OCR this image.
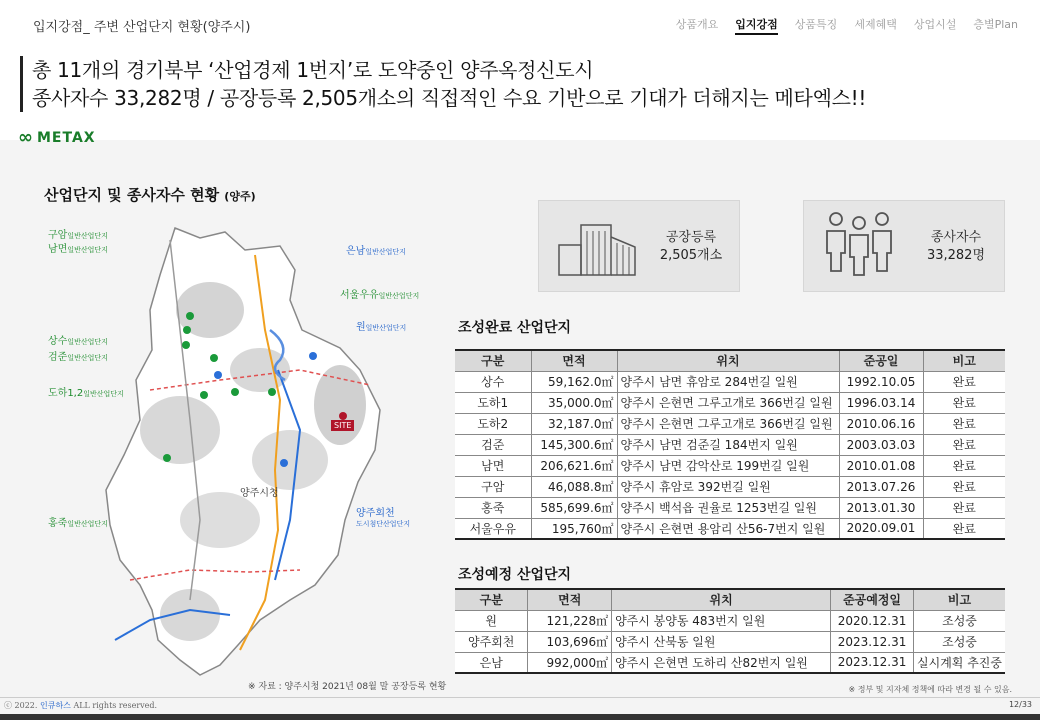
입지강점_ 주변 산업단지 현황(양주시)	상품개요 입지강점 상품특징 세제혜택 상업시설 층별Plan
총 11개의 경기북부 ‘산업경제 1번지’로 도약중인 양주옥정신도시
종사자수 33,282명 / 공장등록 2,505개소의 직접적인 수요 기반으로 기대가 더해지는 메타엑스!!
∞ METAX
산업단지 및 종사자수 현황 (양주)
구암일반산업단지
남면일반산업단지
상수일반산업단지
검준일반산업단지
도하1,2일반산업단지
홍죽일반산업단지
은남일반산업단지
서울우유일반산업단지
원일반산업단지
양주회천
도시첨단산업단지
SITE
양주시청
※ 자료 : 양주시청 2021년 08월 말 공장등록 현황
공장등록
2,505개소
종사자수
33,282명
조성완료 산업단지
구분	면적	위치	준공일	비고
상수	59,162.0㎡	양주시 남면 휴암로 284번길 일원	1992.10.05	완료
도하1	35,000.0㎡	양주시 은현면 그루고개로 366번길 일원	1996.03.14	완료
도하2	32,187.0㎡	양주시 은현면 그루고개로 366번길 일원	2010.06.16	완료
검준	145,300.6㎡	양주시 남면 검준길 184번지 일원	2003.03.03	완료
남면	206,621.6㎡	양주시 남면 감악산로 199번길 일원	2010.01.08	완료
구암	46,088.8㎡	양주시 휴암로 392번길 일원	2013.07.26	완료
홍죽	585,699.6㎡	양주시 백석읍 권율로 1253번길 일원	2013.01.30	완료
서울우유	195,760㎡	양주시 은현면 용암리 산56-7번지 일원	2020.09.01	완료
조성예정 산업단지
구분	면적	위치	준공예정일	비고
원	121,228㎡	양주시 봉양동 483번지 일원	2020.12.31	조성중
양주회천	103,696㎡	양주시 산북동 일원	2023.12.31	조성중
은남	992,000㎡	양주시 은현면 도하리 산82번지 일원	2023.12.31	실시계획 추진중
※ 정부 및 지자체 정책에 따라 변경 될 수 있음.
ⓒ 2022. 인큐하스 ALL rights reserved.	12/33
